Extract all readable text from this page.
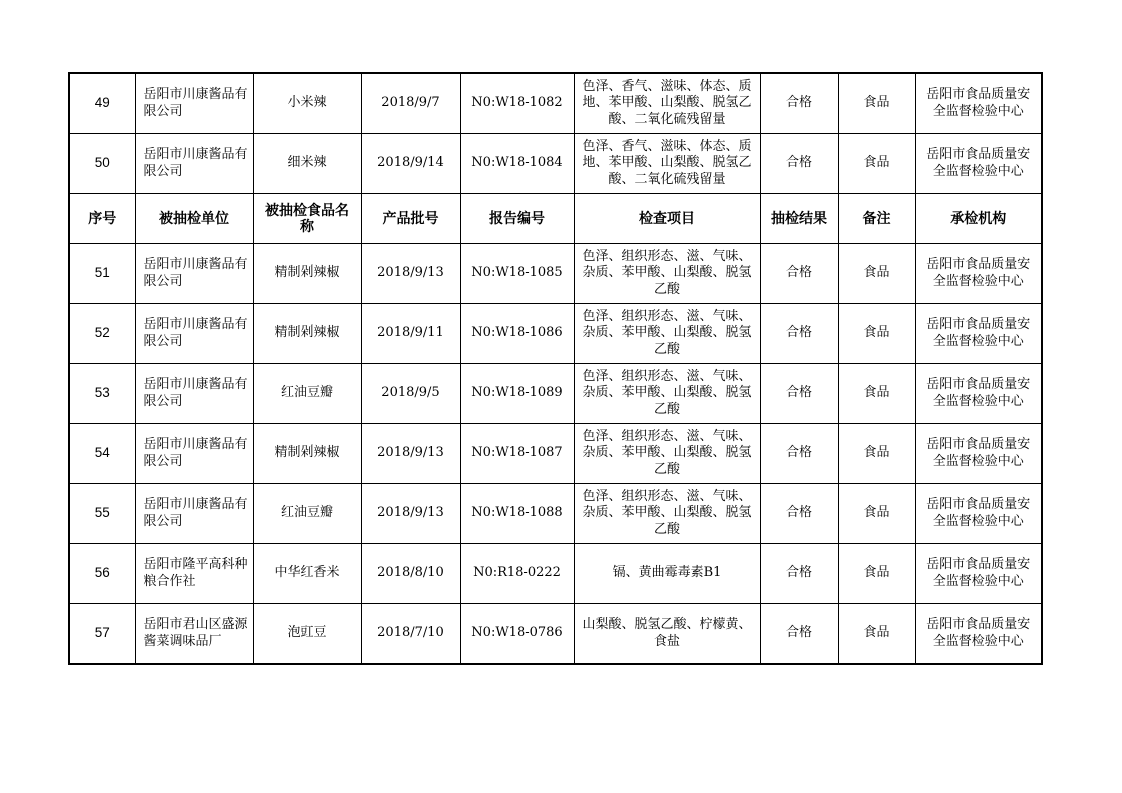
49	岳阳市川康酱品有限公司	小米辣	2018/9/7	N0:W18-1082	色泽、香气、滋味、体态、质地、苯甲酸、山梨酸、脱氢乙酸、二氧化硫残留量	合格	食品	岳阳市食品质量安全监督检验中心
50	岳阳市川康酱品有限公司	细米辣	2018/9/14	N0:W18-1084	色泽、香气、滋味、体态、质地、苯甲酸、山梨酸、脱氢乙酸、二氧化硫残留量	合格	食品	岳阳市食品质量安全监督检验中心
序号	被抽检单位	被抽检食品名称	产品批号	报告编号	检查项目	抽检结果	备注	承检机构
51	岳阳市川康酱品有限公司	精制剁辣椒	2018/9/13	N0:W18-1085	色泽、组织形态、滋、气味、杂质、苯甲酸、山梨酸、脱氢乙酸	合格	食品	岳阳市食品质量安全监督检验中心
52	岳阳市川康酱品有限公司	精制剁辣椒	2018/9/11	N0:W18-1086	色泽、组织形态、滋、气味、杂质、苯甲酸、山梨酸、脱氢乙酸	合格	食品	岳阳市食品质量安全监督检验中心
53	岳阳市川康酱品有限公司	红油豆瓣	2018/9/5	N0:W18-1089	色泽、组织形态、滋、气味、杂质、苯甲酸、山梨酸、脱氢乙酸	合格	食品	岳阳市食品质量安全监督检验中心
54	岳阳市川康酱品有限公司	精制剁辣椒	2018/9/13	N0:W18-1087	色泽、组织形态、滋、气味、杂质、苯甲酸、山梨酸、脱氢乙酸	合格	食品	岳阳市食品质量安全监督检验中心
55	岳阳市川康酱品有限公司	红油豆瓣	2018/9/13	N0:W18-1088	色泽、组织形态、滋、气味、杂质、苯甲酸、山梨酸、脱氢乙酸	合格	食品	岳阳市食品质量安全监督检验中心
56	岳阳市隆平高科种粮合作社	中华红香米	2018/8/10	N0:R18-0222	镉、黄曲霉毒素B1	合格	食品	岳阳市食品质量安全监督检验中心
57	岳阳市君山区盛源酱菜调味品厂	泡豇豆	2018/7/10	N0:W18-0786	山梨酸、脱氢乙酸、柠檬黄、食盐	合格	食品	岳阳市食品质量安全监督检验中心
